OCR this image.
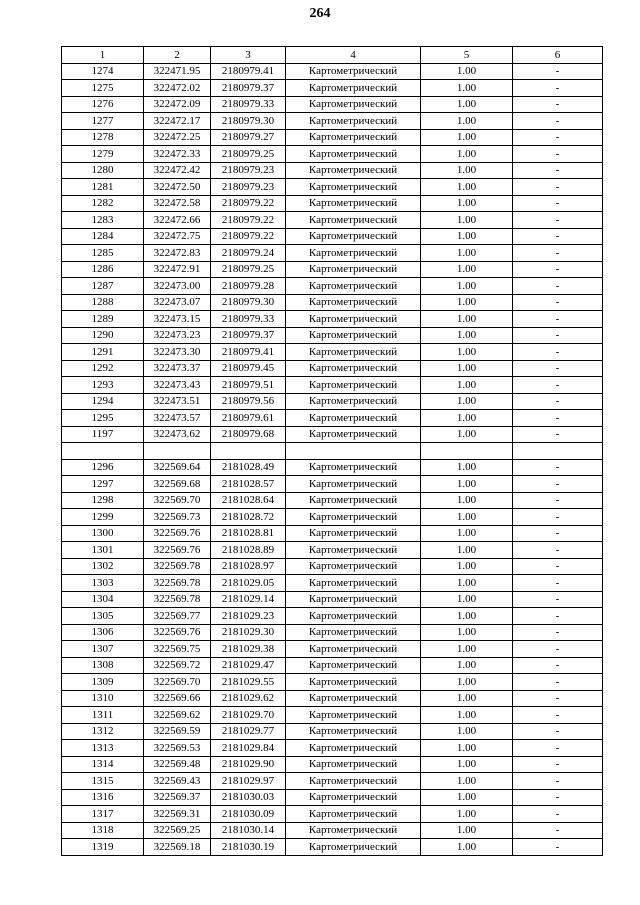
264
1	2	3	4	5	6
1274	322471.95	2180979.41	Картометрический	1.00	-
1275	322472.02	2180979.37	Картометрический	1.00	-
1276	322472.09	2180979.33	Картометрический	1.00	-
1277	322472.17	2180979.30	Картометрический	1.00	-
1278	322472.25	2180979.27	Картометрический	1.00	-
1279	322472.33	2180979.25	Картометрический	1.00	-
1280	322472.42	2180979.23	Картометрический	1.00	-
1281	322472.50	2180979.23	Картометрический	1.00	-
1282	322472.58	2180979.22	Картометрический	1.00	-
1283	322472.66	2180979.22	Картометрический	1.00	-
1284	322472.75	2180979.22	Картометрический	1.00	-
1285	322472.83	2180979.24	Картометрический	1.00	-
1286	322472.91	2180979.25	Картометрический	1.00	-
1287	322473.00	2180979.28	Картометрический	1.00	-
1288	322473.07	2180979.30	Картометрический	1.00	-
1289	322473.15	2180979.33	Картометрический	1.00	-
1290	322473.23	2180979.37	Картометрический	1.00	-
1291	322473.30	2180979.41	Картометрический	1.00	-
1292	322473.37	2180979.45	Картометрический	1.00	-
1293	322473.43	2180979.51	Картометрический	1.00	-
1294	322473.51	2180979.56	Картометрический	1.00	-
1295	322473.57	2180979.61	Картометрический	1.00	-
1197	322473.62	2180979.68	Картометрический	1.00	-

1296	322569.64	2181028.49	Картометрический	1.00	-
1297	322569.68	2181028.57	Картометрический	1.00	-
1298	322569.70	2181028.64	Картометрический	1.00	-
1299	322569.73	2181028.72	Картометрический	1.00	-
1300	322569.76	2181028.81	Картометрический	1.00	-
1301	322569.76	2181028.89	Картометрический	1.00	-
1302	322569.78	2181028.97	Картометрический	1.00	-
1303	322569.78	2181029.05	Картометрический	1.00	-
1304	322569.78	2181029.14	Картометрический	1.00	-
1305	322569.77	2181029.23	Картометрический	1.00	-
1306	322569.76	2181029.30	Картометрический	1.00	-
1307	322569.75	2181029.38	Картометрический	1.00	-
1308	322569.72	2181029.47	Картометрический	1.00	-
1309	322569.70	2181029.55	Картометрический	1.00	-
1310	322569.66	2181029.62	Картометрический	1.00	-
1311	322569.62	2181029.70	Картометрический	1.00	-
1312	322569.59	2181029.77	Картометрический	1.00	-
1313	322569.53	2181029.84	Картометрический	1.00	-
1314	322569.48	2181029.90	Картометрический	1.00	-
1315	322569.43	2181029.97	Картометрический	1.00	-
1316	322569.37	2181030.03	Картометрический	1.00	-
1317	322569.31	2181030.09	Картометрический	1.00	-
1318	322569.25	2181030.14	Картометрический	1.00	-
1319	322569.18	2181030.19	Картометрический	1.00	-
